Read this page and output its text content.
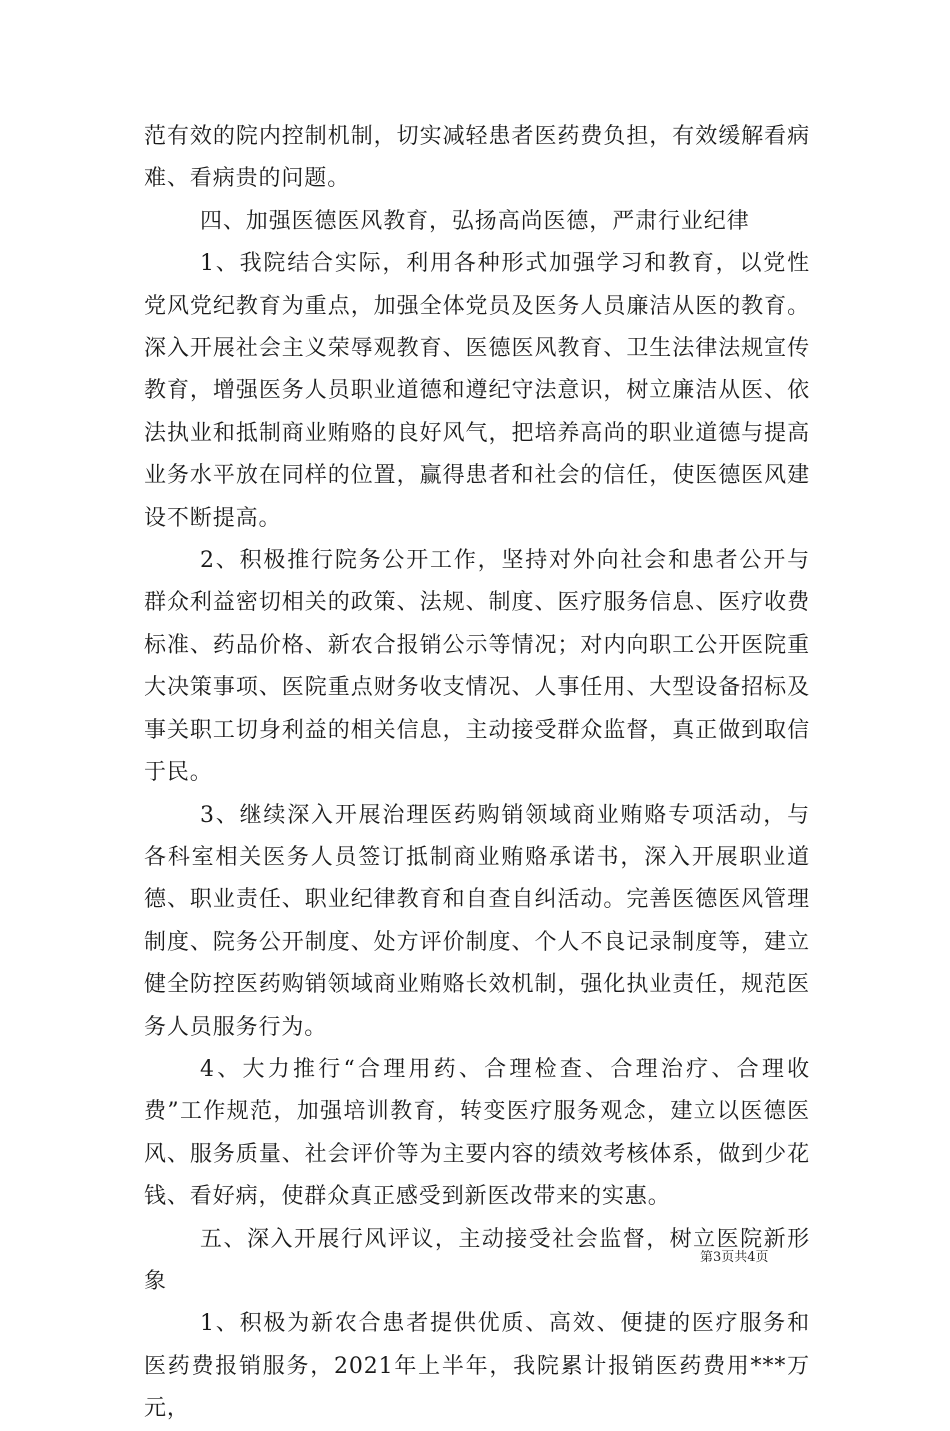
范有效的院内控制机制，切实减轻患者医药费负担，有效缓解看病难、看病贵的问题。

四、加强医德医风教育，弘扬高尚医德，严肃行业纪律

1、我院结合实际，利用各种形式加强学习和教育，以党性党风党纪教育为重点，加强全体党员及医务人员廉洁从医的教育。深入开展社会主义荣辱观教育、医德医风教育、卫生法律法规宣传教育，增强医务人员职业道德和遵纪守法意识，树立廉洁从医、依法执业和抵制商业贿赂的良好风气，把培养高尚的职业道德与提高业务水平放在同样的位置，赢得患者和社会的信任，使医德医风建设不断提高。

2、积极推行院务公开工作，坚持对外向社会和患者公开与群众利益密切相关的政策、法规、制度、医疗服务信息、医疗收费标准、药品价格、新农合报销公示等情况；对内向职工公开医院重大决策事项、医院重点财务收支情况、人事任用、大型设备招标及事关职工切身利益的相关信息，主动接受群众监督，真正做到取信于民。

3、继续深入开展治理医药购销领域商业贿赂专项活动，与各科室相关医务人员签订抵制商业贿赂承诺书，深入开展职业道德、职业责任、职业纪律教育和自查自纠活动。完善医德医风管理制度、院务公开制度、处方评价制度、个人不良记录制度等，建立健全防控医药购销领域商业贿赂长效机制，强化执业责任，规范医务人员服务行为。

4、大力推行“合理用药、合理检查、合理治疗、合理收费”工作规范，加强培训教育，转变医疗服务观念，建立以医德医风、服务质量、社会评价等为主要内容的绩效考核体系，做到少花钱、看好病，使群众真正感受到新医改带来的实惠。

五、深入开展行风评议，主动接受社会监督，树立医院新形象

1、积极为新农合患者提供优质、高效、便捷的医疗服务和医药费报销服务，2021年上半年，我院累计报销医药费用***万元，

第3页共4页
